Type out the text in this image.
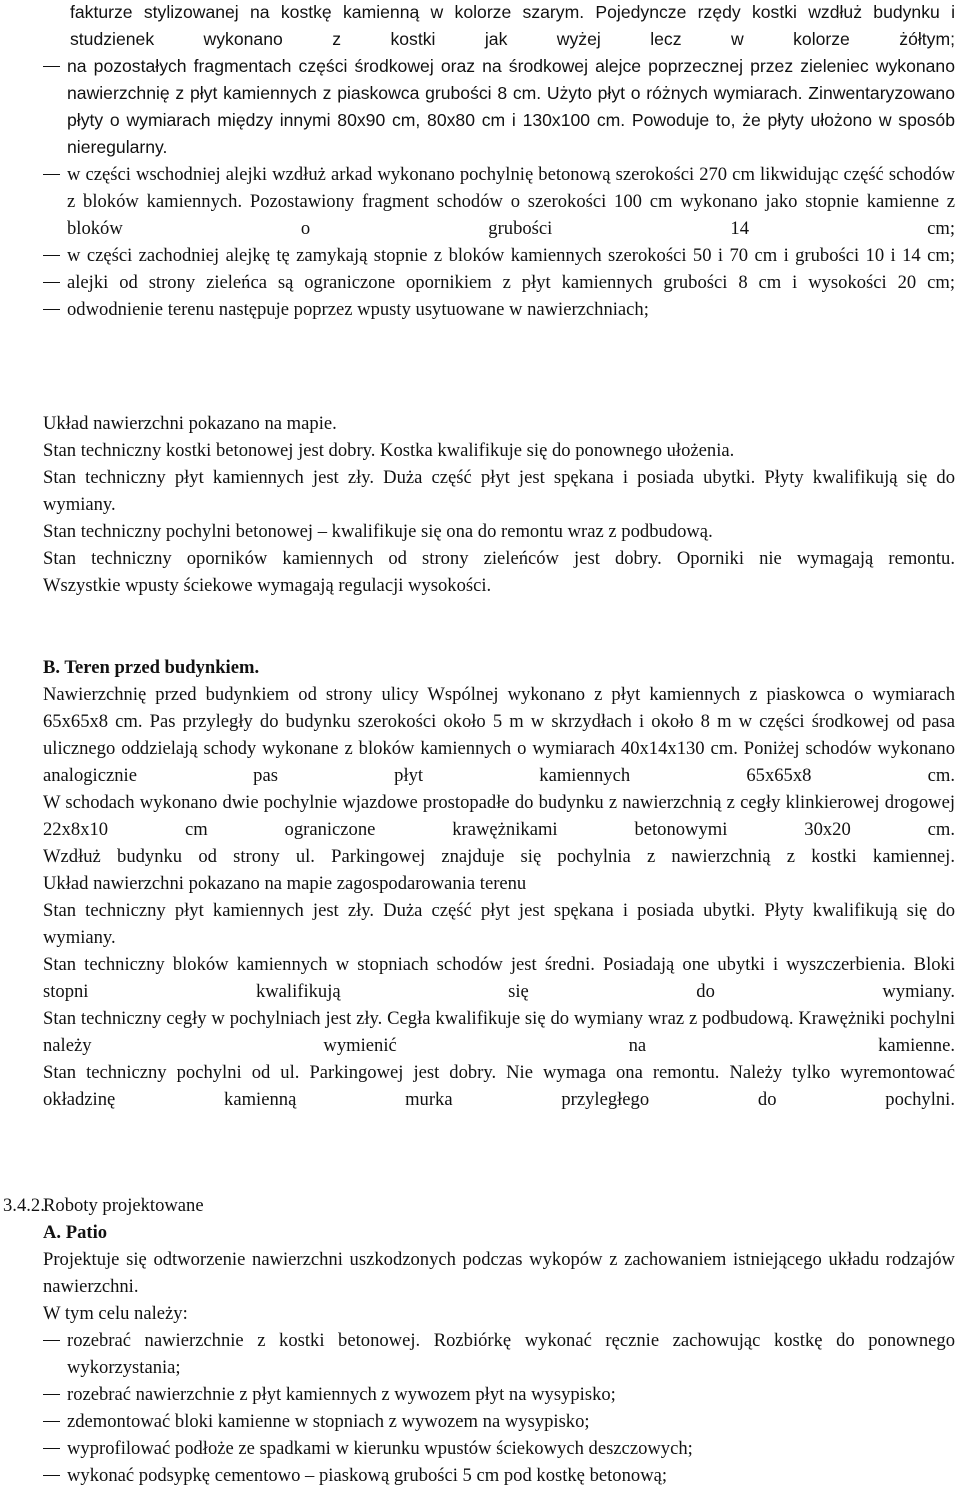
fakturze stylizowanej na kostkę kamienną w kolorze szarym. Pojedyncze rzędy kostki wzdłuż budynku i studzienek wykonano z kostki jak wyżej lecz w kolorze żółtym;
na pozostałych fragmentach części środkowej oraz na środkowej alejce poprzecznej przez zieleniec wykonano nawierzchnię z płyt kamiennych z piaskowca grubości 8 cm. Użyto płyt o różnych wymiarach. Zinwentaryzowano płyty o wymiarach między innymi 80x90 cm, 80x80 cm i 130x100 cm. Powoduje to, że płyty ułożono w sposób nieregularny.
w części wschodniej alejki wzdłuż arkad wykonano pochylnię betonową szerokości 270 cm likwidując część schodów z bloków kamiennych. Pozostawiony fragment schodów o szerokości 100 cm wykonano jako stopnie kamienne z bloków o grubości 14 cm;
w części zachodniej alejkę tę zamykają stopnie z bloków kamiennych szerokości 50 i 70 cm i grubości 10 i 14 cm;
alejki od strony zieleńca są ograniczone opornikiem z płyt kamiennych grubości 8 cm i wysokości 20 cm;
odwodnienie terenu następuje poprzez wpusty usytuowane w nawierzchniach;
Układ nawierzchni pokazano na mapie.
Stan techniczny kostki betonowej jest dobry. Kostka kwalifikuje się do ponownego ułożenia.
Stan techniczny płyt kamiennych jest zły. Duża część płyt jest spękana i posiada ubytki. Płyty kwalifikują się do wymiany.
Stan techniczny pochylni betonowej – kwalifikuje się ona do remontu wraz z podbudową.
Stan techniczny oporników kamiennych od strony zieleńców jest dobry. Oporniki nie wymagają remontu.
Wszystkie wpusty ściekowe wymagają regulacji wysokości.
B. Teren przed budynkiem.
Nawierzchnię przed budynkiem od strony ulicy Wspólnej wykonano z płyt kamiennych z piaskowca o wymiarach 65x65x8 cm. Pas przyległy do budynku szerokości około 5 m w skrzydłach i około 8 m w części środkowej od pasa ulicznego oddzielają schody wykonane z bloków kamiennych o wymiarach 40x14x130 cm. Poniżej schodów wykonano analogicznie pas płyt kamiennych 65x65x8 cm.
W schodach wykonano dwie pochylnie wjazdowe prostopadłe do budynku z nawierzchnią z cegły klinkierowej drogowej 22x8x10 cm ograniczone krawężnikami betonowymi 30x20 cm.
Wzdłuż budynku od strony ul. Parkingowej znajduje się pochylnia z nawierzchnią z kostki kamiennej.
Układ nawierzchni pokazano na mapie zagospodarowania terenu
Stan techniczny płyt kamiennych jest zły. Duża część płyt jest spękana i posiada ubytki. Płyty kwalifikują się do wymiany.
Stan techniczny bloków kamiennych w stopniach schodów jest średni. Posiadają one ubytki i wyszczerbienia. Bloki stopni kwalifikują się do wymiany.
Stan techniczny cegły w pochylniach jest zły. Cegła kwalifikuje się do wymiany wraz z podbudową. Krawężniki pochylni należy wymienić na kamienne.
Stan techniczny pochylni od ul. Parkingowej jest dobry. Nie wymaga ona remontu. Należy tylko wyremontować okładzinę kamienną murka przyległego do pochylni.
3.4.2.
Roboty projektowane
A. Patio
Projektuje się odtworzenie nawierzchni uszkodzonych podczas wykopów z zachowaniem istniejącego układu rodzajów nawierzchni.
W tym celu należy:
rozebrać nawierzchnie z kostki betonowej. Rozbiórkę wykonać ręcznie zachowując kostkę do ponownego wykorzystania;
rozebrać nawierzchnie z płyt kamiennych z wywozem płyt na wysypisko;
zdemontować bloki kamienne w stopniach z wywozem na wysypisko;
wyprofilować podłoże ze spadkami w kierunku wpustów ściekowych deszczowych;
wykonać podsypkę cementowo – piaskową grubości 5 cm pod kostkę betonową;
